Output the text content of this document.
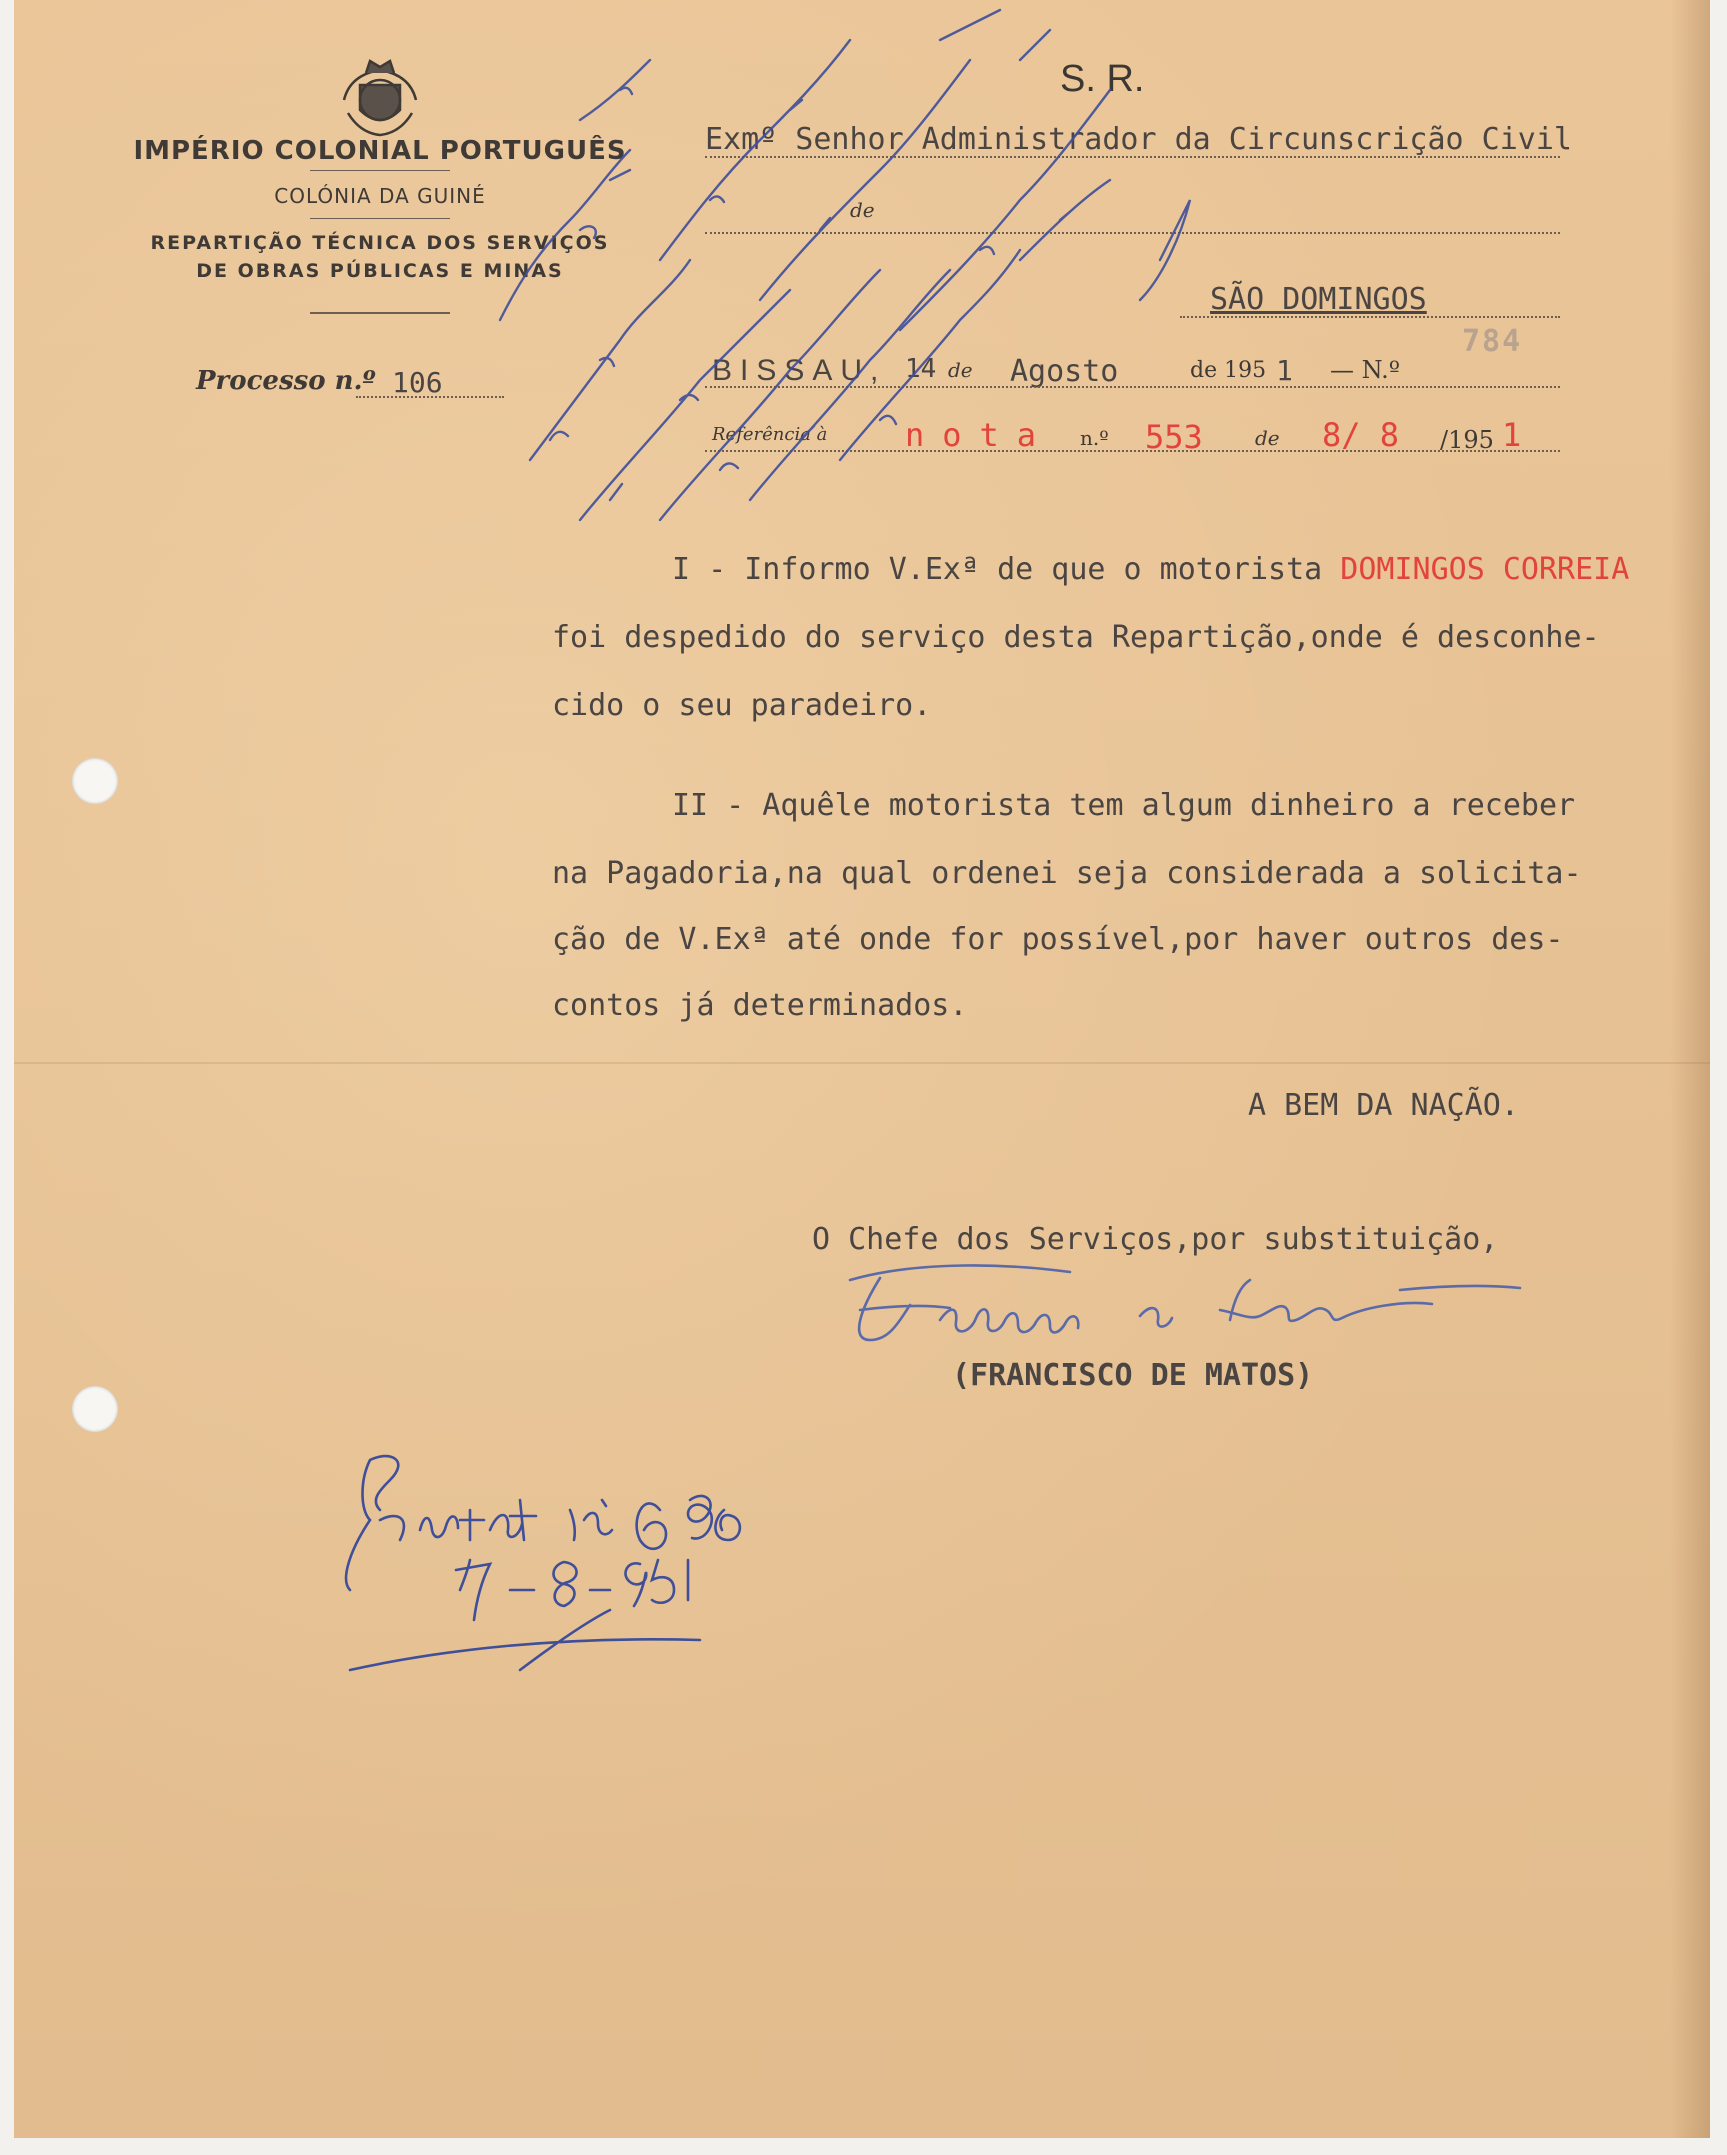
IMPÉRIO COLONIAL PORTUGUÊS
COLÓNIA DA GUINÉ
REPARTIÇÃO TÉCNICA DOS SERVIÇOS
DE OBRAS PÚBLICAS E MINAS
S. R.
Exmº Senhor Administrador da Circunscrição Civil
de
SÃO DOMINGOS
Processo n.º 106	BISSAU, 14 de Agosto	de 195 1 — N.º
784
Referência à nota n.º 553	de 8/ 8 /195 1
I - Informo V.Exª de que o motorista DOMINGOS CORREIA
foi despedido do serviço desta Repartição,onde é desconhe-
cido o seu paradeiro.
II - Aquêle motorista tem algum dinheiro a receber
na Pagadoria,na qual ordenei seja considerada a solicita-
ção de V.Exª até onde for possível,por haver outros des-
contos já determinados.
A BEM DA NAÇÃO.
O Chefe dos Serviços,por substituição,
(FRANCISCO DE MATOS)
